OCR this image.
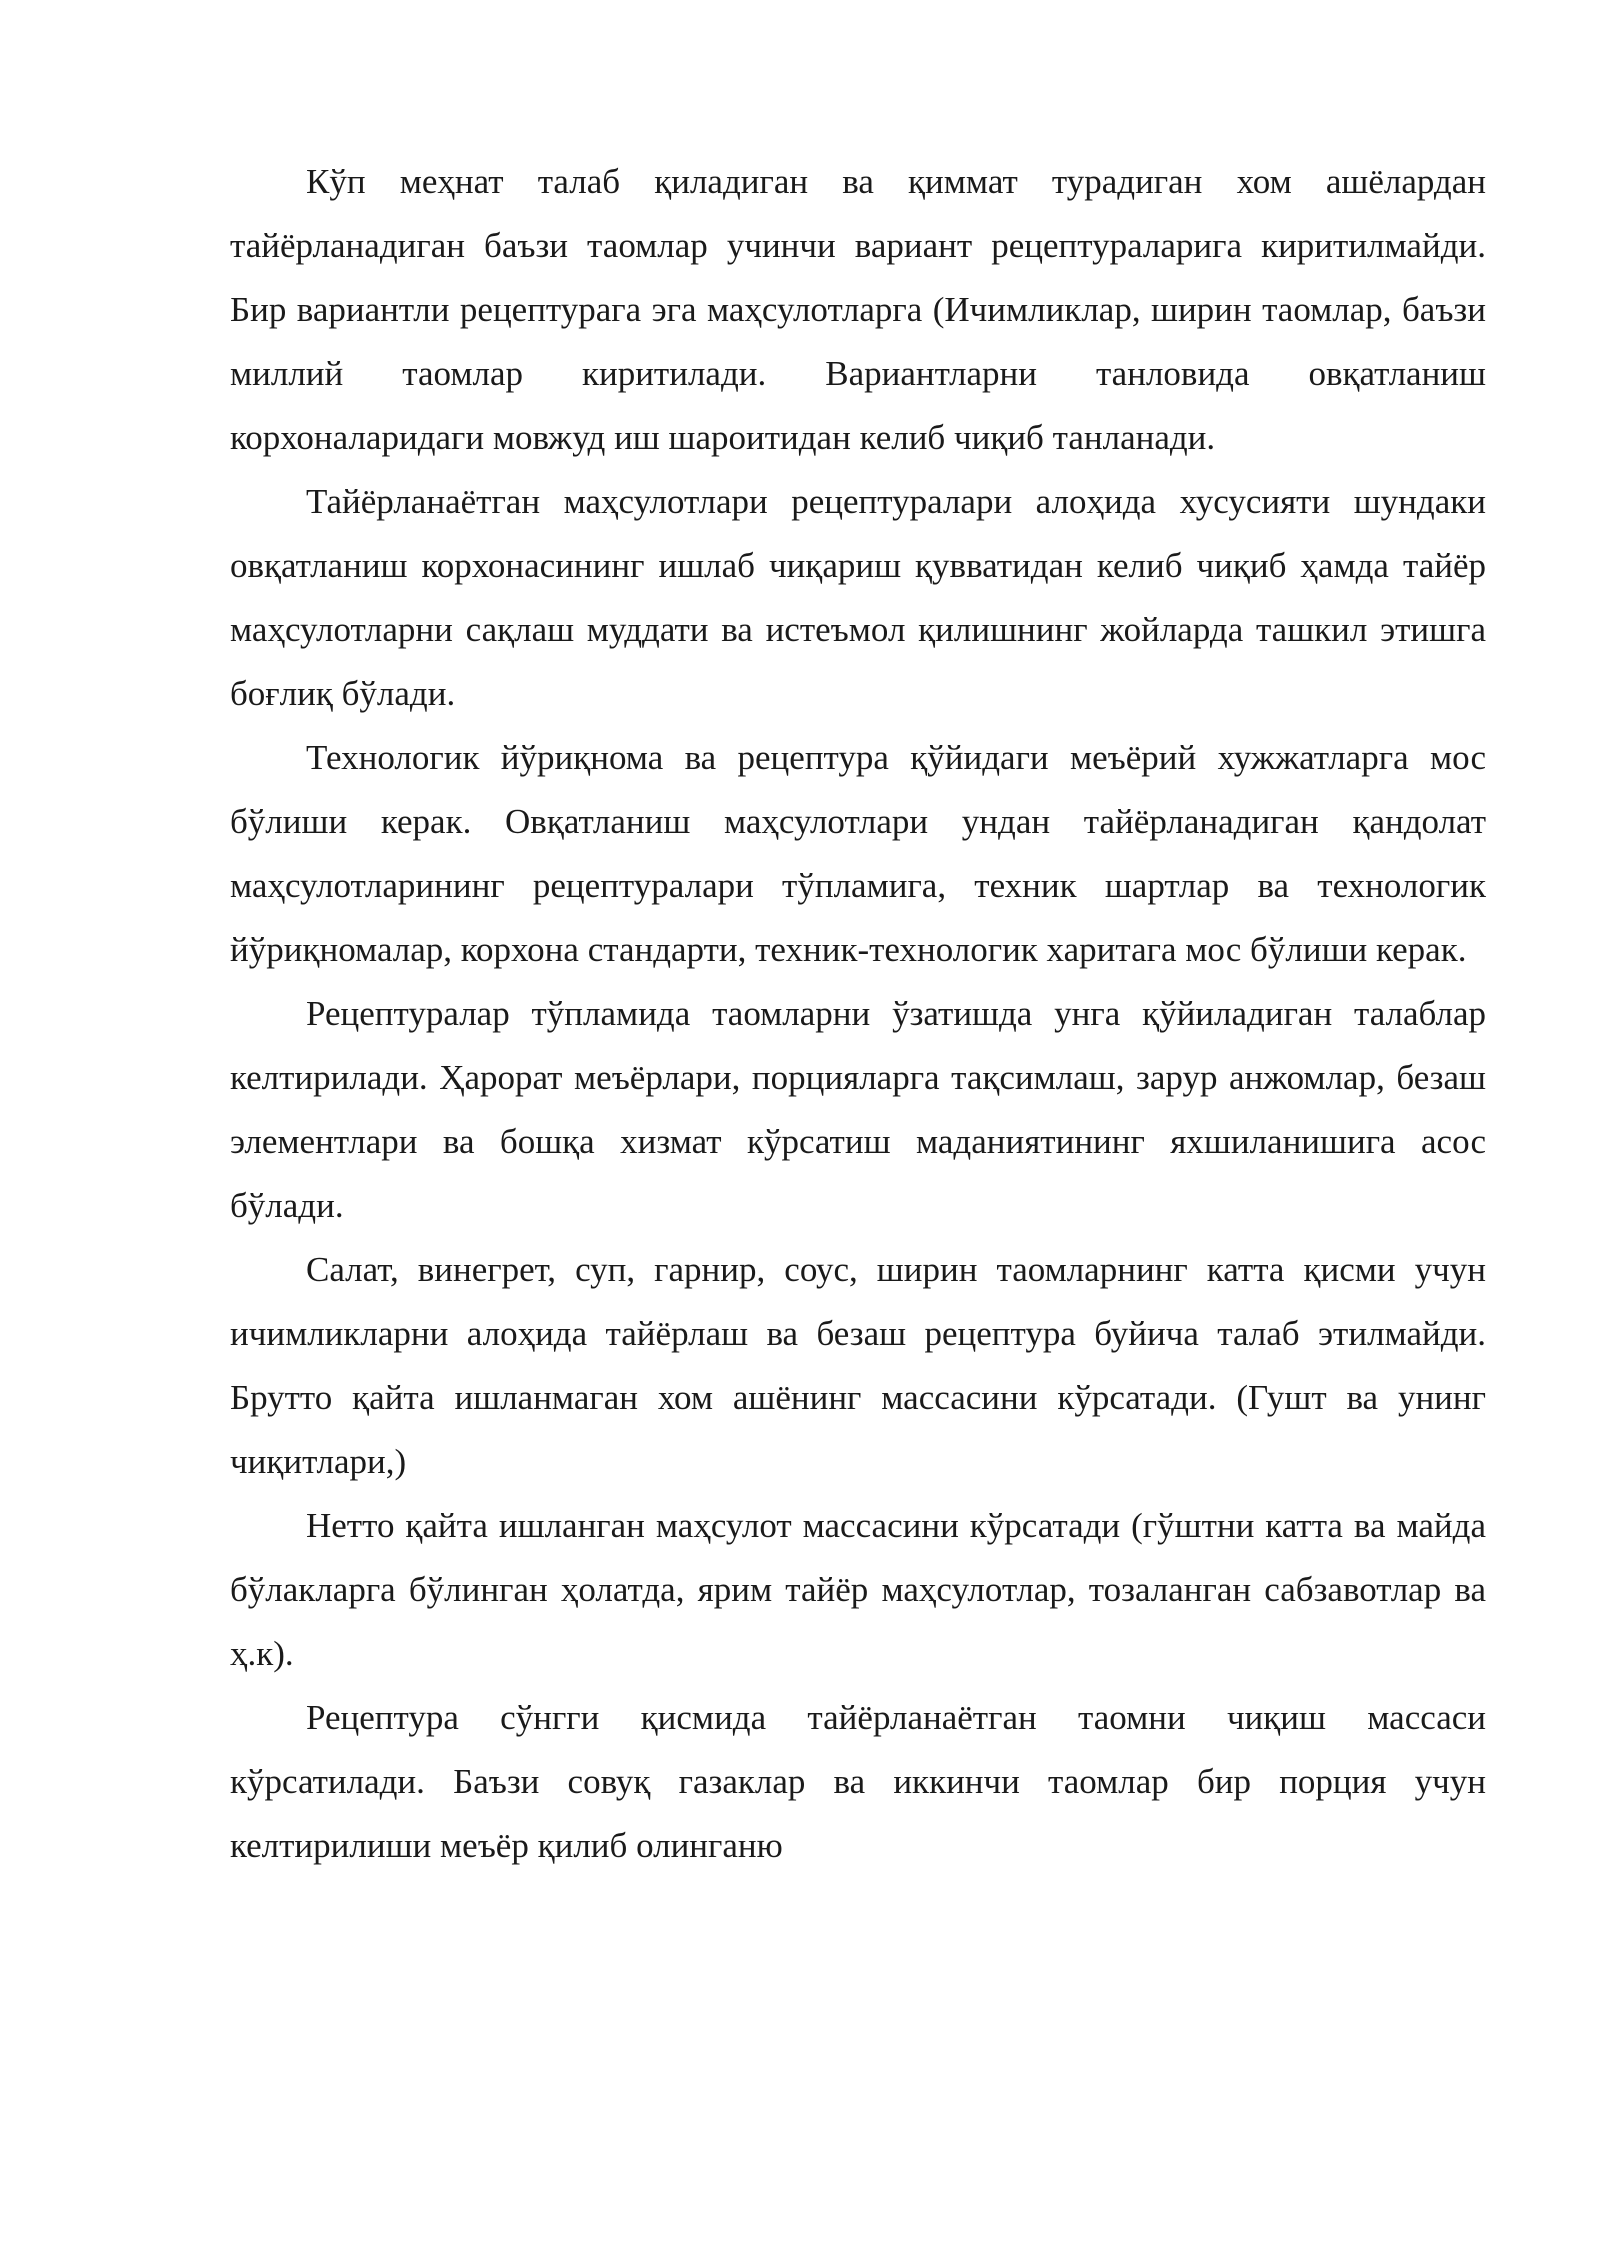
Кўп меҳнат талаб қиладиган ва қиммат турадиган хом ашёлардан тайёрланадиган баъзи таомлар учинчи вариант рецептураларига киритилмайди. Бир вариантли рецептурага эга маҳсулотларга (Ичимликлар, ширин таомлар, баъзи миллий таомлар киритилади. Вариантларни танловида овқатланиш корхоналаридаги мовжуд иш шароитидан келиб чиқиб танланади.

Тайёрланаётган маҳсулотлари рецептуралари алоҳида хусусияти шундаки овқатланиш корхонасининг ишлаб чиқариш қувватидан келиб чиқиб ҳамда тайёр маҳсулотларни сақлаш муддати ва истеъмол қилишнинг жойларда ташкил этишга боғлиқ бўлади.

Технологик йўриқнома ва рецептура қўйидаги меъёрий хужжатларга мос бўлиши керак. Овқатланиш маҳсулотлари ундан тайёрланадиган қандолат маҳсулотларининг рецептуралари тўпламига, техник шартлар ва технологик йўриқномалар, корхона стандарти, техник-технологик харитага мос бўлиши керак.

Рецептуралар тўпламида таомларни ўзатишда унга қўйиладиган талаблар келтирилади. Ҳарорат меъёрлари, порцияларга тақсимлаш, зарур анжомлар, безаш элементлари ва бошқа хизмат кўрсатиш маданиятининг яхшиланишига асос бўлади.

Салат, винегрет, суп, гарнир, соус, ширин таомларнинг катта қисми учун ичимликларни алоҳида тайёрлаш ва безаш рецептура буйича талаб этилмайди. Брутто қайта ишланмаган хом ашёнинг массасини кўрсатади. (Гушт ва унинг чиқитлари,)

Нетто қайта ишланган маҳсулот массасини кўрсатади (гўштни катта ва майда бўлакларга бўлинган ҳолатда, ярим тайёр маҳсулотлар, тозаланган сабзавотлар ва ҳ.к).

Рецептура сўнгги қисмида тайёрланаётган таомни чиқиш массаси кўрсатилади. Баъзи совуқ газаклар ва иккинчи таомлар бир порция учун келтирилиши меъёр қилиб олинганю
